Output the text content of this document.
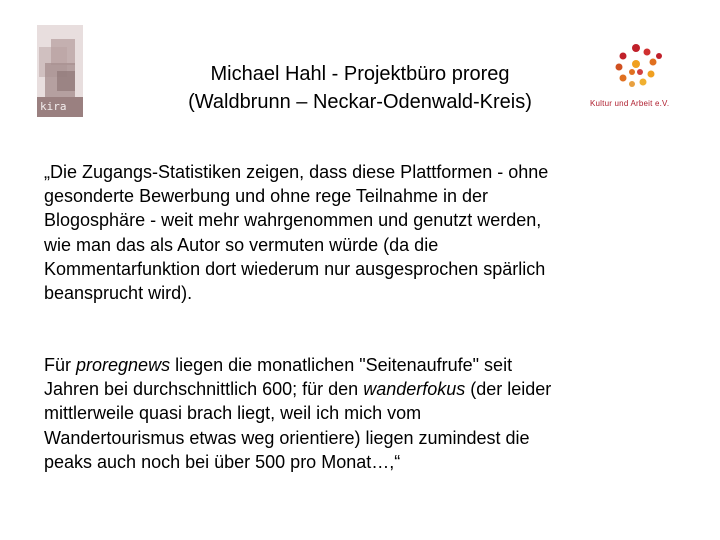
kira	Kultur und Arbeit e.V.
Michael Hahl - Projektbüro proreg
(Waldbrunn – Neckar-Odenwald-Kreis)
„Die Zugangs-Statistiken zeigen, dass diese Plattformen - ohne
gesonderte Bewerbung und ohne rege Teilnahme in der
Blogosphäre - weit mehr wahrgenommen und genutzt werden,
wie man das als Autor so vermuten würde (da die
Kommentarfunktion dort wiederum nur ausgesprochen spärlich
beansprucht wird).
Für proregnews liegen die monatlichen "Seitenaufrufe" seit
Jahren bei durchschnittlich 600; für den wanderfokus (der leider
mittlerweile quasi brach liegt, weil ich mich vom
Wandertourismus etwas weg orientiere) liegen zumindest die
peaks auch noch bei über 500 pro Monat…,“
